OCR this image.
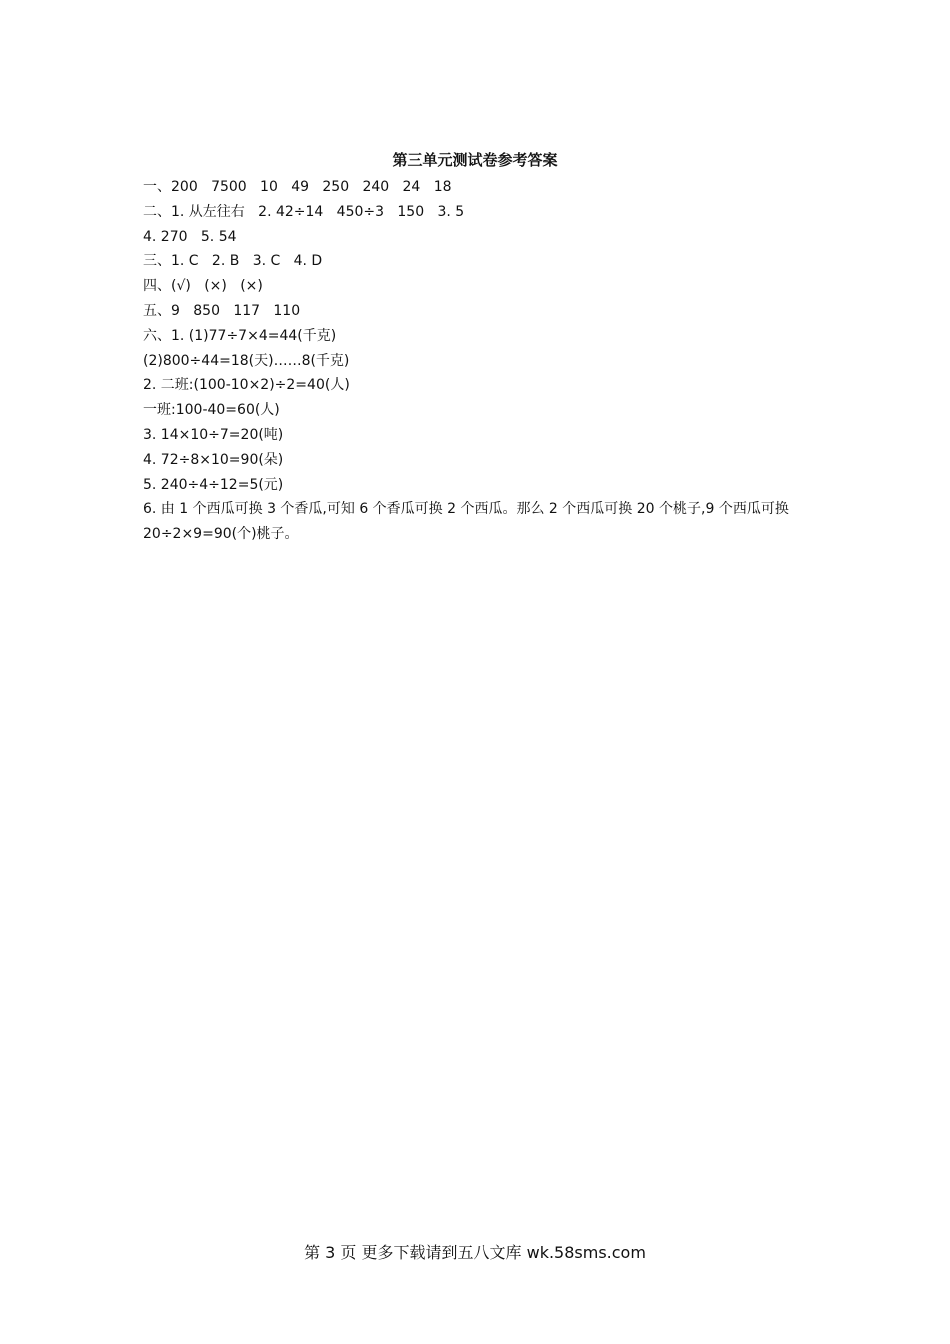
第三单元测试卷参考答案
一、200   7500   10   49   250   240   24   18
二、1. 从左往右   2. 42÷14   450÷3   150   3. 5
4. 270   5. 54
三、1. C   2. B   3. C   4. D
四、(√)   (×)   (×)
五、9   850   117   110
六、1. (1)77÷7×4=44(千克)
(2)800÷44=18(天)……8(千克)
2. 二班:(100-10×2)÷2=40(人)
一班:100-40=60(人)
3. 14×10÷7=20(吨)
4. 72÷8×10=90(朵)
5. 240÷4÷12=5(元)
6. 由 1 个西瓜可换 3 个香瓜,可知 6 个香瓜可换 2 个西瓜。那么 2 个西瓜可换 20 个桃子,9 个西瓜可换
20÷2×9=90(个)桃子。
第 3 页 更多下载请到五八文库 wk.58sms.com
